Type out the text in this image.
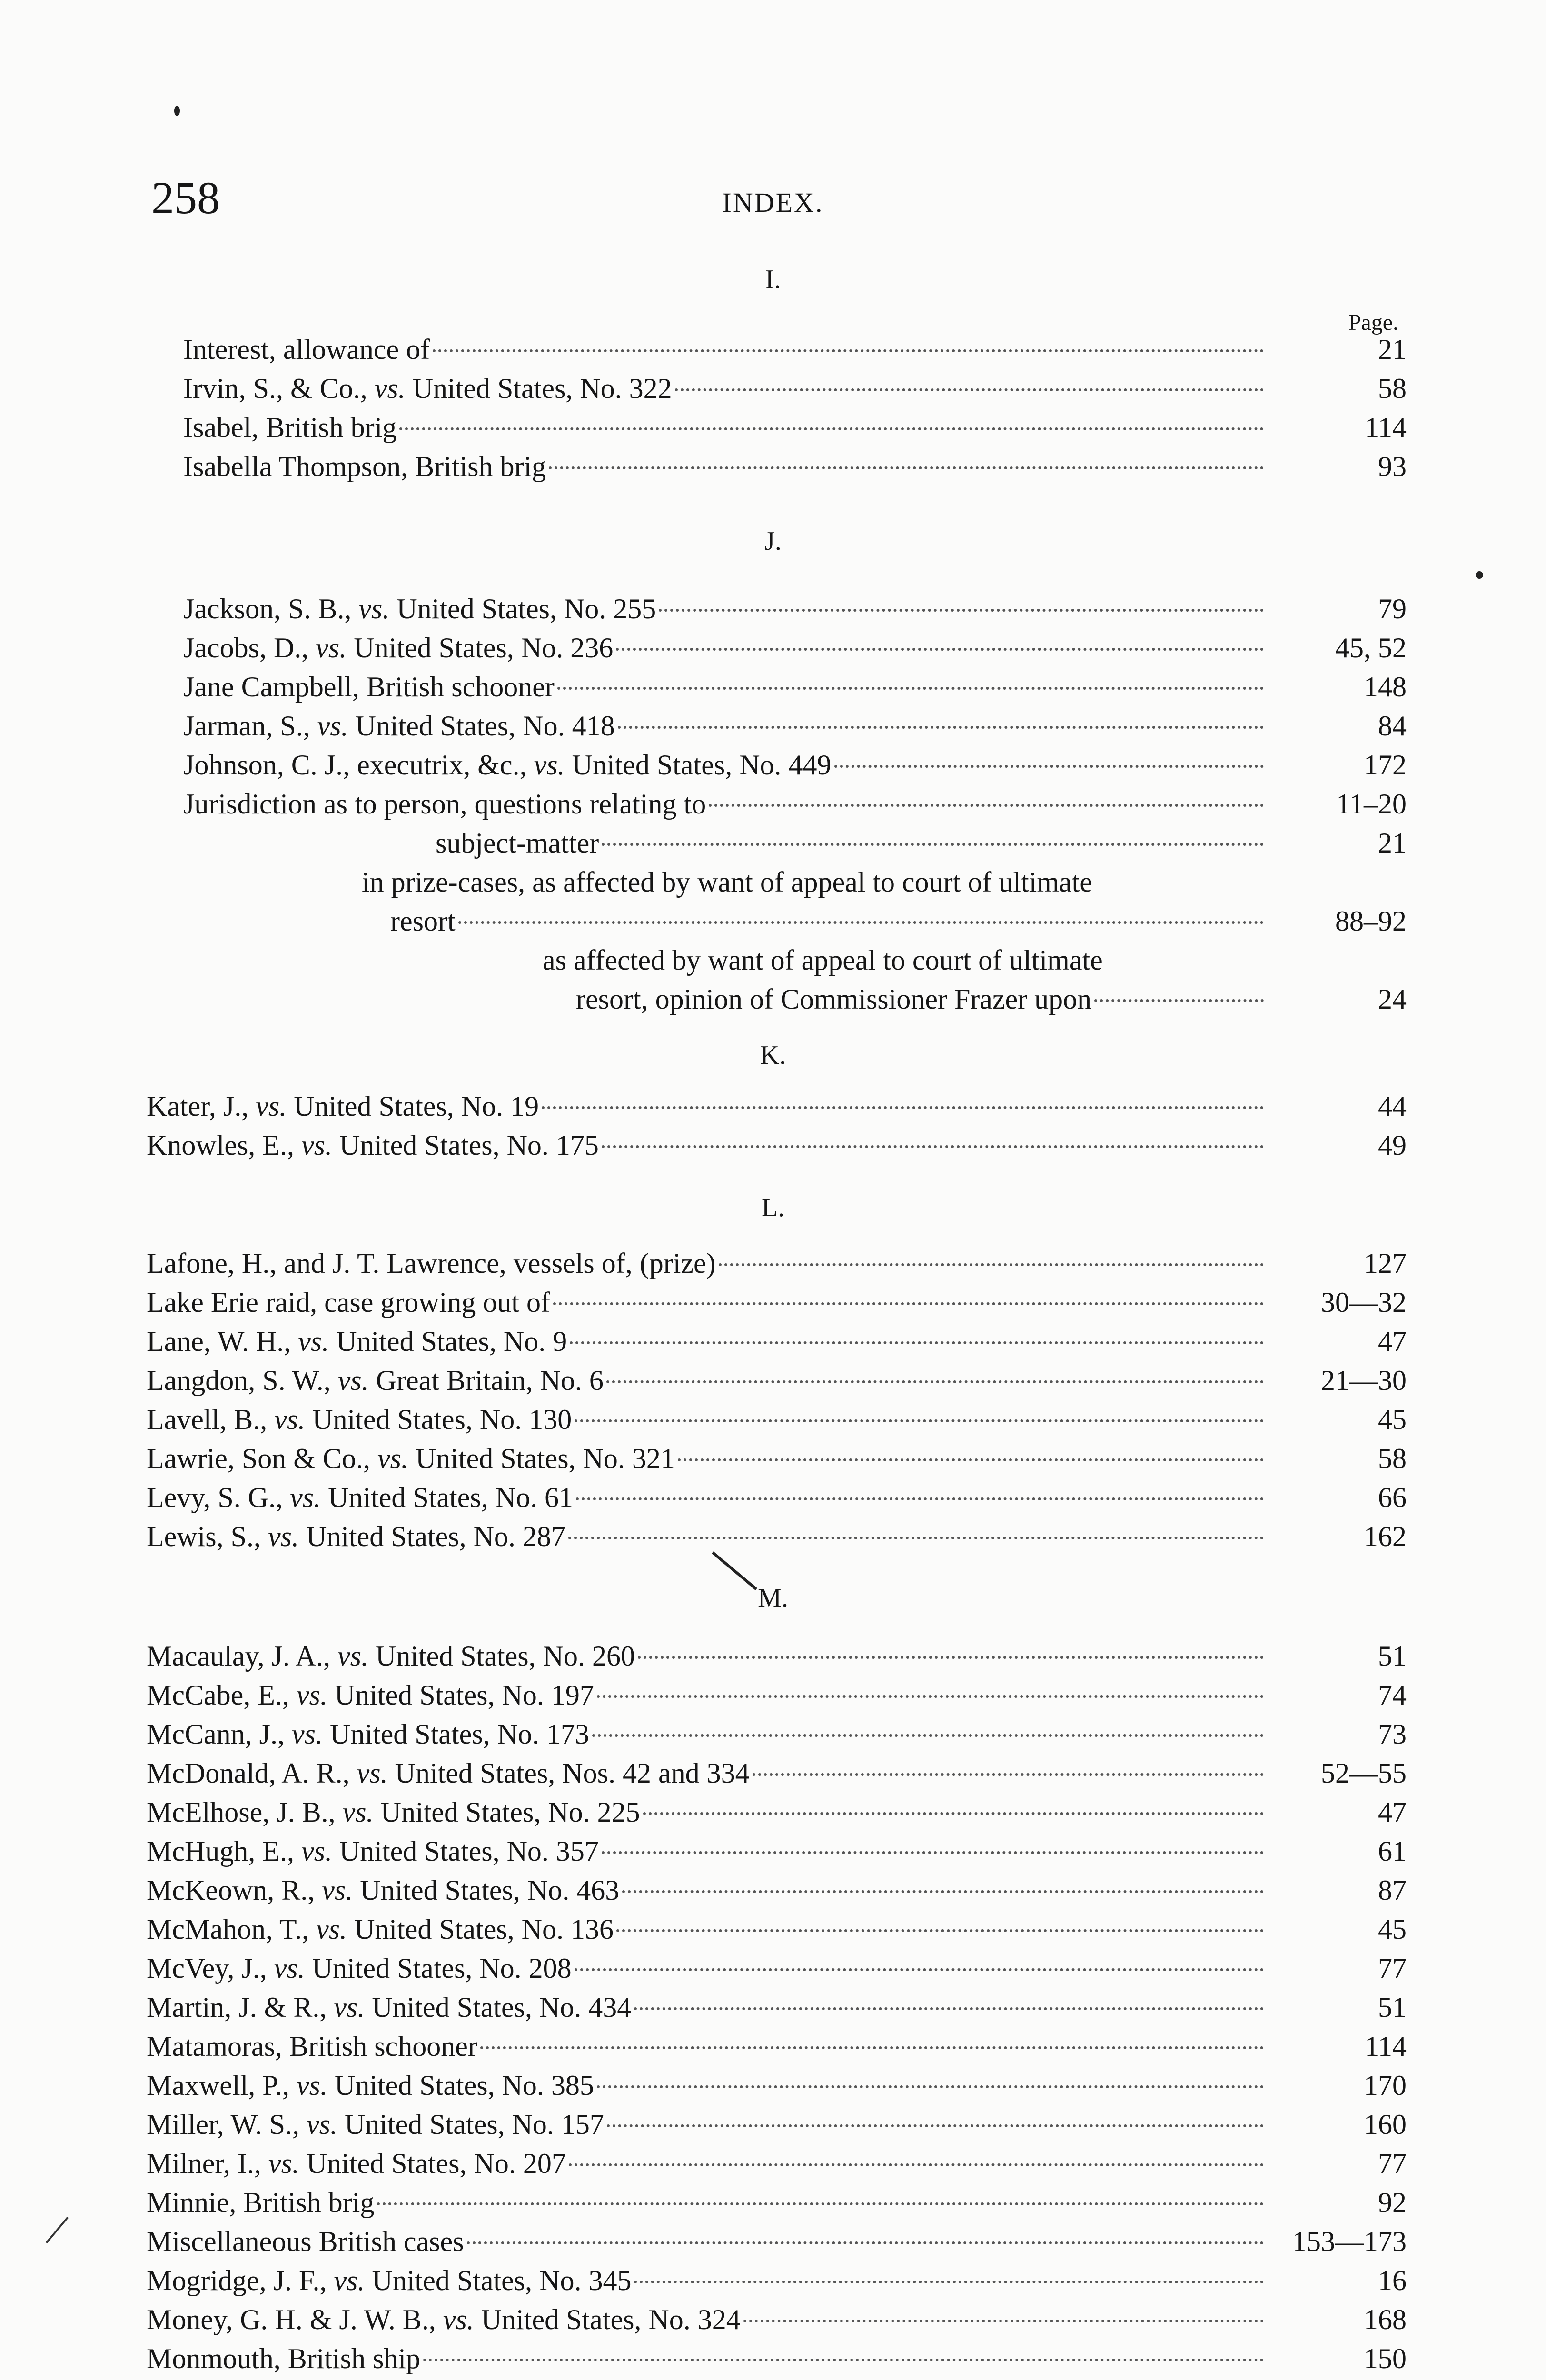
258	INDEX.
Page.
I.
Interest, allowance of	21
Irvin, S., & Co., vs. United States, No. 322	58
Isabel, British brig	114
Isabella Thompson, British brig	93
J.
Jackson, S. B., vs. United States, No. 255	79
Jacobs, D., vs. United States, No. 236	45, 52
Jane Campbell, British schooner	148
Jarman, S., vs. United States, No. 418	84
Johnson, C. J., executrix, &c., vs. United States, No. 449	172
Jurisdiction as to person, questions relating to	11–20
subject-matter	21
in prize-cases, as affected by want of appeal to court of ultimate
resort	88–92
as affected by want of appeal to court of ultimate
resort, opinion of Commissioner Frazer upon	24
K.
Kater, J., vs. United States, No. 19	44
Knowles, E., vs. United States, No. 175	49
L.
Lafone, H., and J. T. Lawrence, vessels of, (prize)	127
Lake Erie raid, case growing out of	30—32
Lane, W. H., vs. United States, No. 9	47
Langdon, S. W., vs. Great Britain, No. 6	21—30
Lavell, B., vs. United States, No. 130	45
Lawrie, Son & Co., vs. United States, No. 321	58
Levy, S. G., vs. United States, No. 61	66
Lewis, S., vs. United States, No. 287	162
M.
Macaulay, J. A., vs. United States, No. 260	51
McCabe, E., vs. United States, No. 197	74
McCann, J., vs. United States, No. 173	73
McDonald, A. R., vs. United States, Nos. 42 and 334	52—55
McElhose, J. B., vs. United States, No. 225	47
McHugh, E., vs. United States, No. 357	61
McKeown, R., vs. United States, No. 463	87
McMahon, T., vs. United States, No. 136	45
McVey, J., vs. United States, No. 208	77
Martin, J. & R., vs. United States, No. 434	51
Matamoras, British schooner	114
Maxwell, P., vs. United States, No. 385	170
Miller, W. S., vs. United States, No. 157	160
Milner, I., vs. United States, No. 207	77
Minnie, British brig	92
Miscellaneous British cases	153—173
Mogridge, J. F., vs. United States, No. 345	16
Money, G. H. & J. W. B., vs. United States, No. 324	168
Monmouth, British ship	150
